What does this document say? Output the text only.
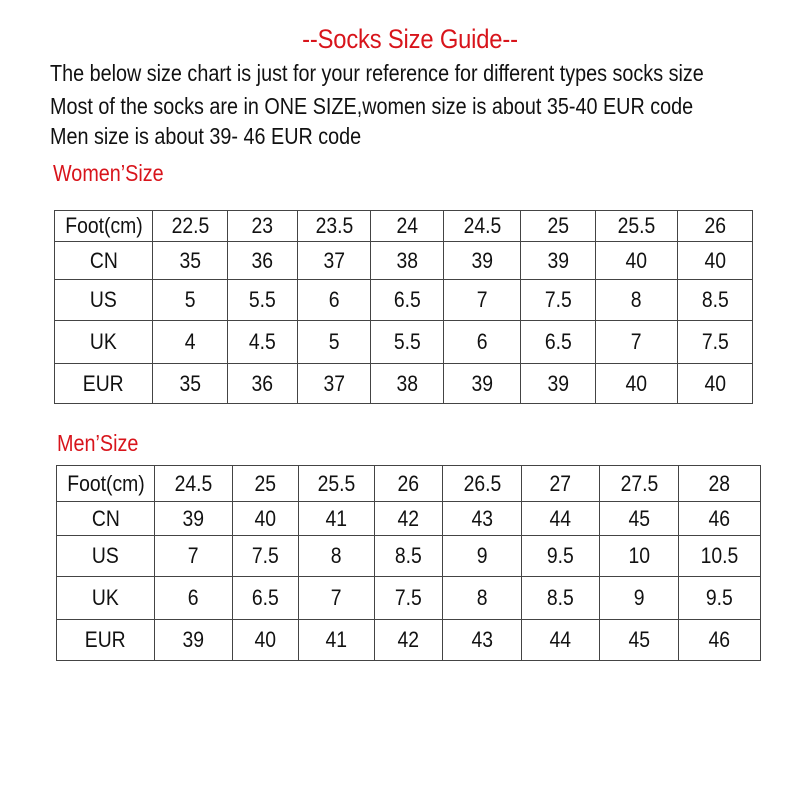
--Socks Size Guide--
The below size chart is just for your reference for different types socks size
Most of the socks are in ONE SIZE,women size is about 35-40 EUR code
Men size is about 39- 46 EUR code
Women’Size
Foot(cm)	22.5	23	23.5	24	24.5	25	25.5	26
CN	35	36	37	38	39	39	40	40
US	5	5.5	6	6.5	7	7.5	8	8.5
UK	4	4.5	5	5.5	6	6.5	7	7.5
EUR	35	36	37	38	39	39	40	40
Men’Size
Foot(cm)	24.5	25	25.5	26	26.5	27	27.5	28
CN	39	40	41	42	43	44	45	46
US	7	7.5	8	8.5	9	9.5	10	10.5
UK	6	6.5	7	7.5	8	8.5	9	9.5
EUR	39	40	41	42	43	44	45	46
